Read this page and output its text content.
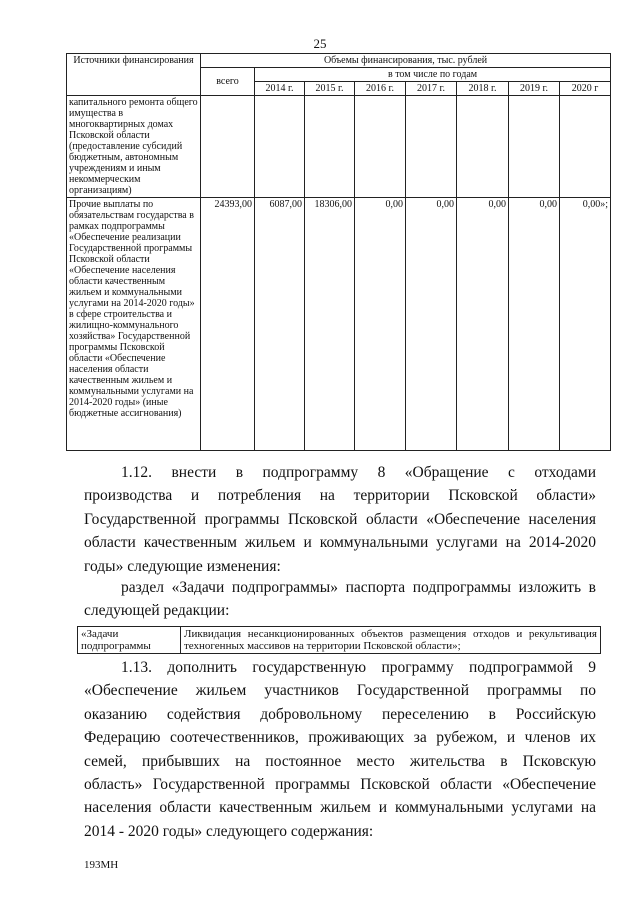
25
Источники финансирования	Объемы финансирования, тыс. рублей							
	всего	в том числе по годам						
		2014 г.	2015 г.	2016 г.	2017 г.	2018 г.	2019 г.	2020 г
капитального ремонта общего имущества в многоквартирных домах Псковской области (предоставление субсидий бюджетным, автономным учреждениям и иным некоммерческим организациям)								
Прочие выплаты по обязательствам государства в рамках подпрограммы «Обеспечение реализации Государственной программы Псковской области «Обеспечение населения области качественным жильем и коммунальными услугами на 2014-2020 годы» в сфере строительства и жилищно-коммунального хозяйства» Государственной программы Псковской области «Обеспечение населения области качественным жильем и коммунальными услугами на 2014-2020 годы» (иные бюджетные ассигнования)	24393,00	6087,00	18306,00	0,00	0,00	0,00	0,00	0,00»;
1.12. внести в подпрограмму 8 «Обращение с отходами
производства и потребления на территории Псковской области»
Государственной программы Псковской области «Обеспечение населения
области качественным жильем и коммунальными услугами на 2014-2020
годы» следующие изменения:
раздел «Задачи подпрограммы» паспорта подпрограммы изложить в
следующей редакции:
«Задачи подпрограммы	Ликвидация несанкционированных объектов размещения отходов и рекультивация техногенных массивов на территории Псковской области»;
1.13. дополнить государственную программу подпрограммой 9
«Обеспечение жильем участников Государственной программы по
оказанию содействия добровольному переселению в Российскую
Федерацию соотечественников, проживающих за рубежом, и членов их
семей, прибывших на постоянное место жительства в Псковскую
область» Государственной программы Псковской области «Обеспечение
населения области качественным жильем и коммунальными услугами на
2014 - 2020 годы» следующего содержания:
193МН
